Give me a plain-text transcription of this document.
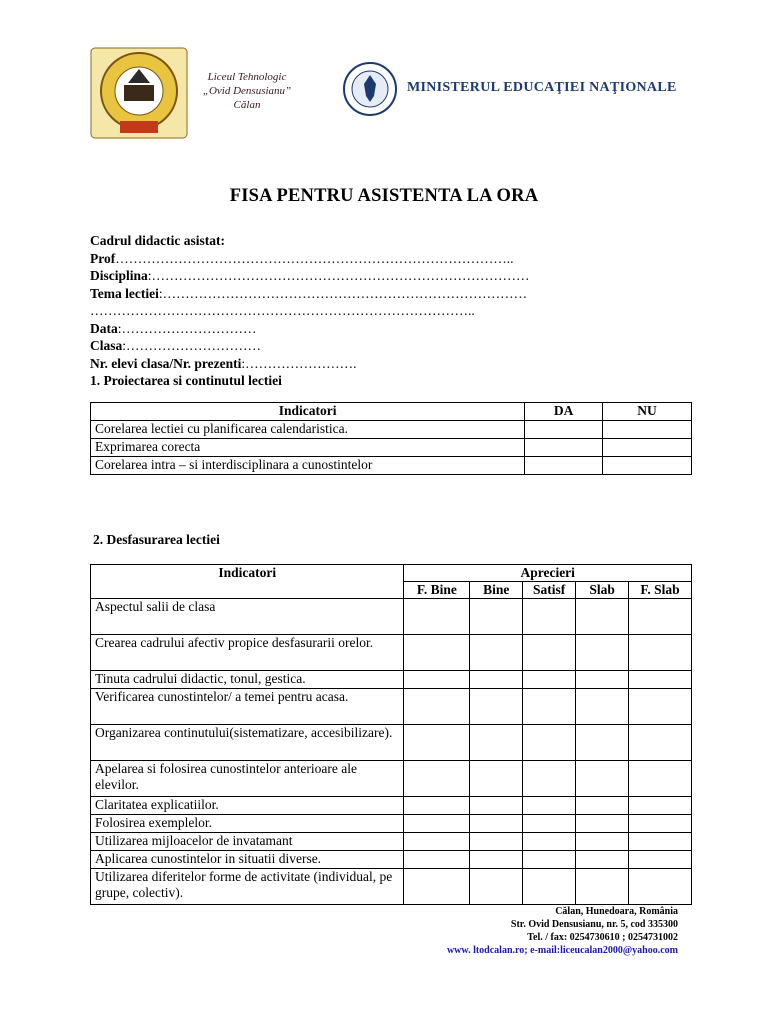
Liceul Tehnologic
„Ovid Densusianu”
Călan
MINISTERUL EDUCAŢIEI NAŢIONALE
FISA PENTRU ASISTENTA LA ORA
Cadrul didactic asistat:
Prof……………………………………………………………………………..
Disciplina:…………………………………………………………………………
Tema lectiei:………………………………………………………………………
…………………………………………………………………………..
Data:…………………………
Clasa:…………………………
Nr. elevi clasa/Nr. prezenti:…………………….
1. Proiectarea si continutul lectiei
Indicatori	DA	NU
Corelarea lectiei cu planificarea calendaristica.		
Exprimarea corecta		
Corelarea intra – si interdisciplinara a cunostintelor		
2. Desfasurarea lectiei
Indicatori	Aprecieri				
	F. Bine	Bine	Satisf	Slab	F. Slab
Aspectul salii de clasa					
Crearea cadrului afectiv propice desfasurarii orelor.					
Tinuta cadrului didactic, tonul, gestica.					
Verificarea cunostintelor/ a temei pentru acasa.					
Organizarea continutului(sistematizare, accesibilizare).					
Apelarea si folosirea cunostintelor anterioare ale elevilor.					
Claritatea explicatiilor.					
Folosirea exemplelor.					
Utilizarea mijloacelor de invatamant					
Aplicarea cunostintelor in situatii diverse.					
Utilizarea diferitelor forme de activitate (individual, pe grupe, colectiv).					
Călan, Hunedoara, România
Str. Ovid Densusianu, nr. 5, cod 335300
Tel. / fax: 0254730610 ; 0254731002
www. ltodcalan.ro; e-mail:liceucalan2000@yahoo.com
